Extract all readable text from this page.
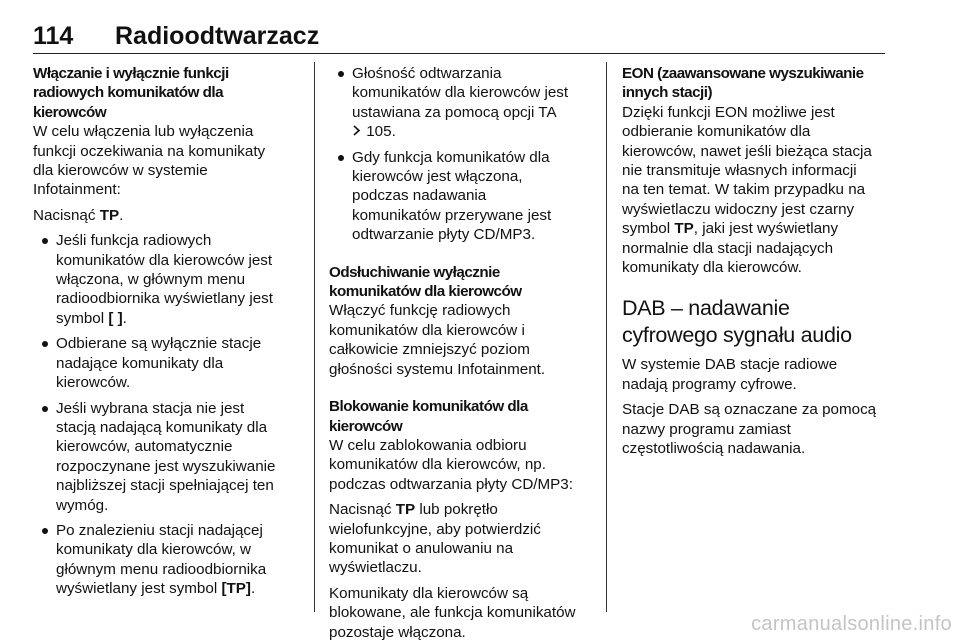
114 Radioodtwarzacz
Włączanie i wyłącznie funkcji
radiowych komunikatów dla
kierowców
W celu włączenia lub wyłączenia
funkcji oczekiwania na komunikaty
dla kierowców w systemie
Infotainment:
Nacisnąć TP.
Jeśli funkcja radiowych
komunikatów dla kierowców jest
włączona, w głównym menu
radioodbiornika wyświetlany jest
symbol [ ].
Odbierane są wyłącznie stacje
nadające komunikaty dla
kierowców.
Jeśli wybrana stacja nie jest
stacją nadającą komunikaty dla
kierowców, automatycznie
rozpoczynane jest wyszukiwanie
najbliższej stacji spełniającej ten
wymóg.
Po znalezieniu stacji nadającej
komunikaty dla kierowców, w
głównym menu radioodbiornika
wyświetlany jest symbol [TP].
Głośność odtwarzania
komunikatów dla kierowców jest
ustawiana za pomocą opcji TA
105.
Gdy funkcja komunikatów dla
kierowców jest włączona,
podczas nadawania
komunikatów przerywane jest
odtwarzanie płyty CD/MP3.
Odsłuchiwanie wyłącznie
komunikatów dla kierowców
Włączyć funkcję radiowych
komunikatów dla kierowców i
całkowicie zmniejszyć poziom
głośności systemu Infotainment.
Blokowanie komunikatów dla
kierowców
W celu zablokowania odbioru
komunikatów dla kierowców, np.
podczas odtwarzania płyty CD/MP3:
Nacisnąć TP lub pokrętło
wielofunkcyjne, aby potwierdzić
komunikat o anulowaniu na
wyświetlaczu.
Komunikaty dla kierowców są
blokowane, ale funkcja komunikatów
pozostaje włączona.
EON (zaawansowane wyszukiwanie
innych stacji)
Dzięki funkcji EON możliwe jest
odbieranie komunikatów dla
kierowców, nawet jeśli bieżąca stacja
nie transmituje własnych informacji
na ten temat. W takim przypadku na
wyświetlaczu widoczny jest czarny
symbol TP, jaki jest wyświetlany
normalnie dla stacji nadających
komunikaty dla kierowców.
DAB – nadawanie
cyfrowego sygnału audio
W systemie DAB stacje radiowe
nadają programy cyfrowe.
Stacje DAB są oznaczane za pomocą
nazwy programu zamiast
częstotliwością nadawania.
carmanualsonline.info
